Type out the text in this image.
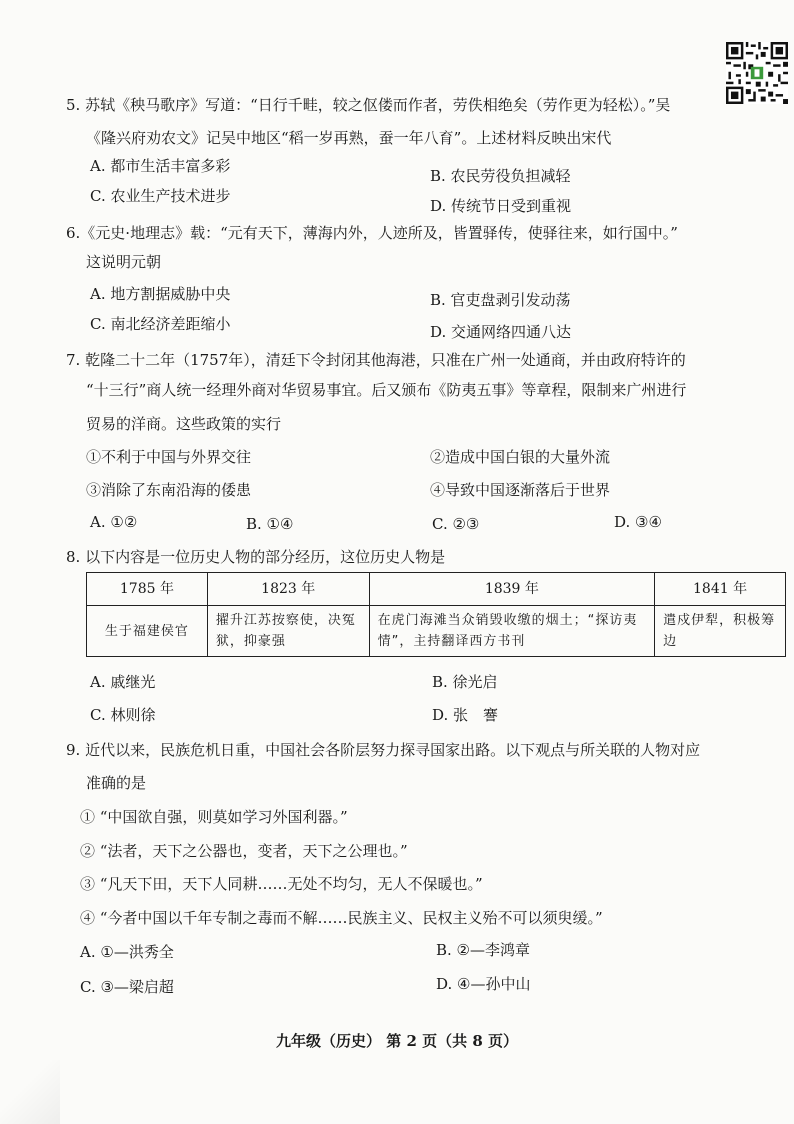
5. 苏轼《秧马歌序》写道：“日行千畦，较之伛偻而作者，劳佚相绝矣（劳作更为轻松）。”吴
《隆兴府劝农文》记吴中地区“稻一岁再熟，蚕一年八育”。上述材料反映出宋代
A. 都市生活丰富多彩
B. 农民劳役负担减轻
C. 农业生产技术进步
D. 传统节日受到重视
6.《元史·地理志》载：“元有天下，薄海内外，人迹所及，皆置驿传，使驿往来，如行国中。”
这说明元朝
A. 地方割据威胁中央	B. 官吏盘剥引发动荡
C. 南北经济差距缩小	D. 交通网络四通八达
7. 乾隆二十二年（1757年），清廷下令封闭其他海港，只准在广州一处通商，并由政府特许的
“十三行”商人统一经理外商对华贸易事宜。后又颁布《防夷五事》等章程，限制来广州进行
贸易的洋商。这些政策的实行
①不利于中国与外界交往	②造成中国白银的大量外流
③消除了东南沿海的倭患	④导致中国逐渐落后于世界
A. ①②	B. ①④	C. ②③	D. ③④
8. 以下内容是一位历史人物的部分经历，这位历史人物是
1785 年	1823 年	1839 年	1841 年
生于福建侯官	擢升江苏按察使，决冤狱，抑豪强	在虎门海滩当众销毁收缴的烟土；“探访夷情”，主持翻译西方书刊	遣戍伊犁，积极筹边
A. 戚继光	B. 徐光启
C. 林则徐	D. 张　謇
9. 近代以来，民族危机日重，中国社会各阶层努力探寻国家出路。以下观点与所关联的人物对应
准确的是
① “中国欲自强，则莫如学习外国利器。”
② “法者，天下之公器也，变者，天下之公理也。”
③ “凡天下田，天下人同耕……无处不均匀，无人不保暖也。”
④ “今者中国以千年专制之毒而不解……民族主义、民权主义殆不可以须臾缓。”
A. ①—洪秀全	B. ②—李鸿章
C. ③—梁启超	D. ④—孙中山
九年级（历史） 第 2 页（共 8 页）
